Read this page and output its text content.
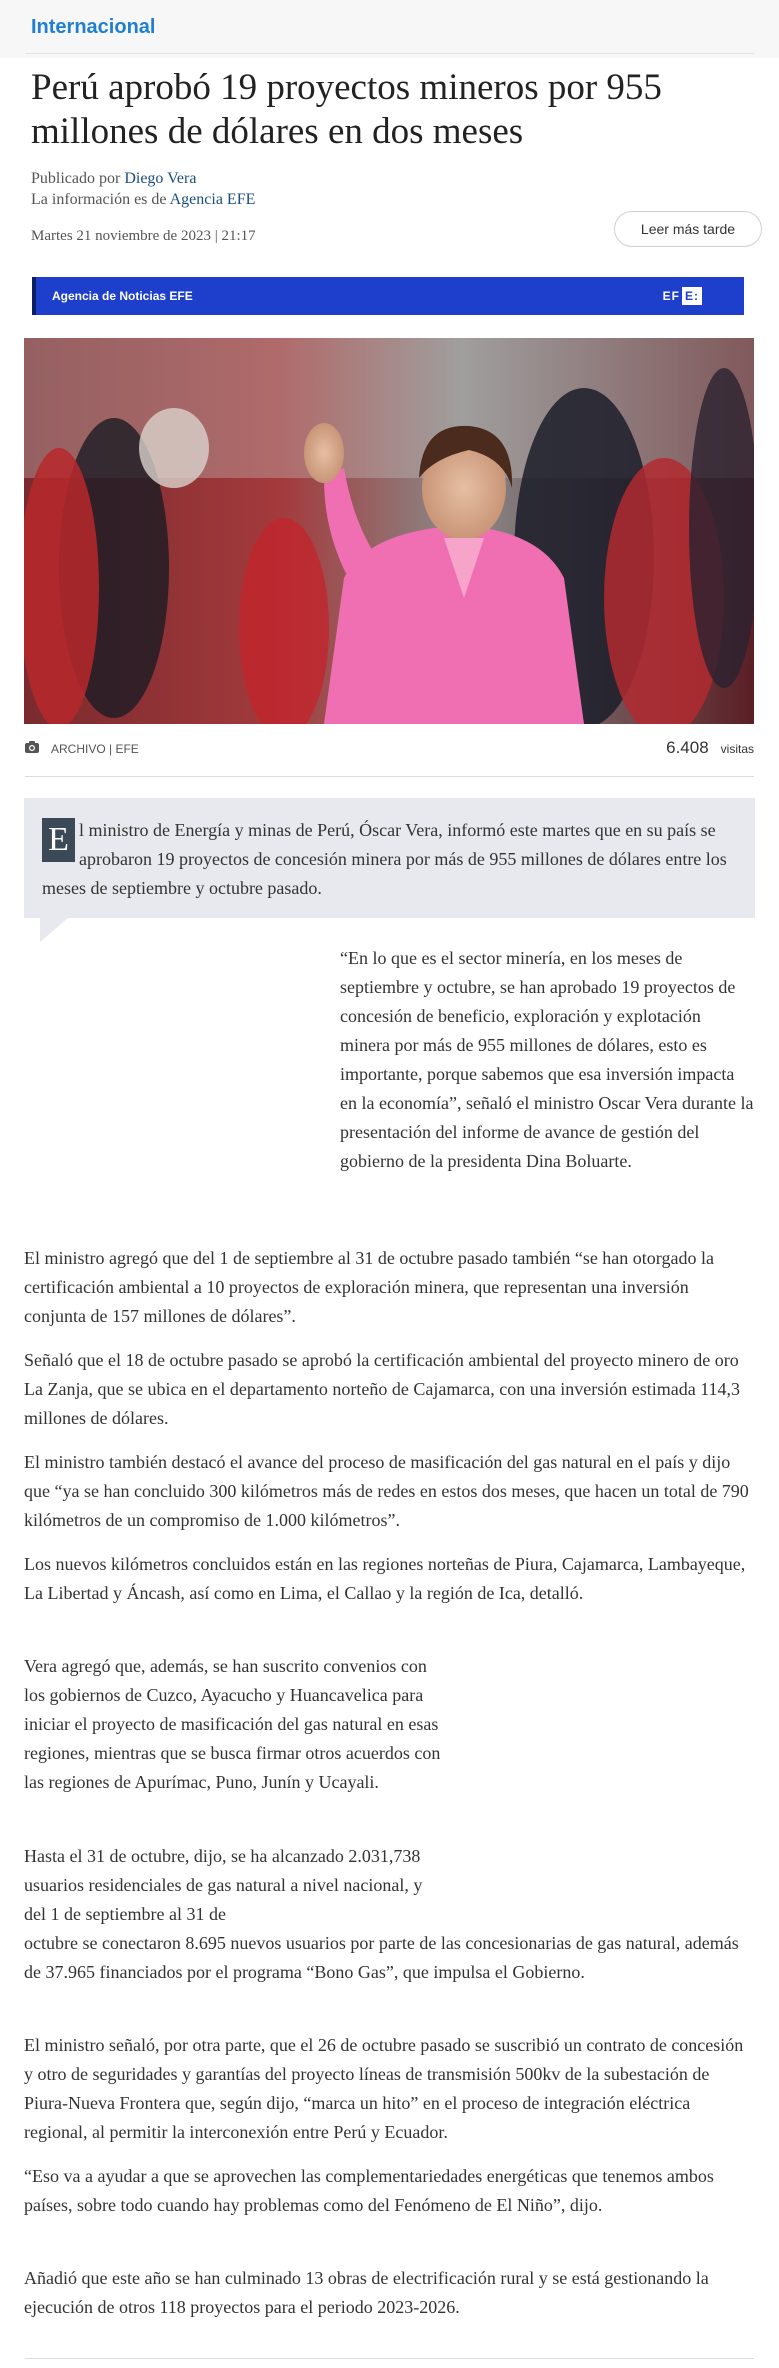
Internacional
Perú aprobó 19 proyectos mineros por 955 millones de dólares en dos meses
Publicado por Diego Vera
La información es de Agencia EFE
Martes 21 noviembre de 2023 | 21:17	Leer más tarde
Agencia de Noticias EFE	EF E:
ARCHIVO | EFE	6.408 visitas
E l ministro de Energía y minas de Perú, Óscar Vera, informó este martes que en su país se aprobaron 19 proyectos de concesión minera por más de 955 millones de dólares entre los meses de septiembre y octubre pasado.
“En lo que es el sector minería, en los meses de septiembre y octubre, se han aprobado 19 proyectos de concesión de beneficio, exploración y explotación minera por más de 955 millones de dólares, esto es importante, porque sabemos que esa inversión impacta en la economía”, señaló el ministro Oscar Vera durante la presentación del informe de avance de gestión del gobierno de la presidenta Dina Boluarte.

El ministro agregó que del 1 de septiembre al 31 de octubre pasado también “se han otorgado la certificación ambiental a 10 proyectos de exploración minera, que representan una inversión conjunta de 157 millones de dólares”.

Señaló que el 18 de octubre pasado se aprobó la certificación ambiental del proyecto minero de oro La Zanja, que se ubica en el departamento norteño de Cajamarca, con una inversión estimada 114,3 millones de dólares.

El ministro también destacó el avance del proceso de masificación del gas natural en el país y dijo que “ya se han concluido 300 kilómetros más de redes en estos dos meses, que hacen un total de 790 kilómetros de un compromiso de 1.000 kilómetros”.

Los nuevos kilómetros concluidos están en las regiones norteñas de Piura, Cajamarca, Lambayeque, La Libertad y Áncash, así como en Lima, el Callao y la región de Ica, detalló.

Vera agregó que, además, se han suscrito convenios con los gobiernos de Cuzco, Ayacucho y Huancavelica para iniciar el proyecto de masificación del gas natural en esas regiones, mientras que se busca firmar otros acuerdos con las regiones de Apurímac, Puno, Junín y Ucayali.

Hasta el 31 de octubre, dijo, se ha alcanzado 2.031,738 usuarios residenciales de gas natural a nivel nacional, y del 1 de septiembre al 31 de

octubre se conectaron 8.695 nuevos usuarios por parte de las concesionarias de gas natural, además de 37.965 financiados por el programa “Bono Gas”, que impulsa el Gobierno.

El ministro señaló, por otra parte, que el 26 de octubre pasado se suscribió un contrato de concesión y otro de seguridades y garantías del proyecto líneas de transmisión 500kv de la subestación de Piura-Nueva Frontera que, según dijo, “marca un hito” en el proceso de integración eléctrica regional, al permitir la interconexión entre Perú y Ecuador.

“Eso va a ayudar a que se aprovechen las complementariedades energéticas que tenemos ambos países, sobre todo cuando hay problemas como del Fenómeno de El Niño”, dijo.

Añadió que este año se han culminado 13 obras de electrificación rural y se está gestionando la ejecución de otros 118 proyectos para el periodo 2023-2026.
